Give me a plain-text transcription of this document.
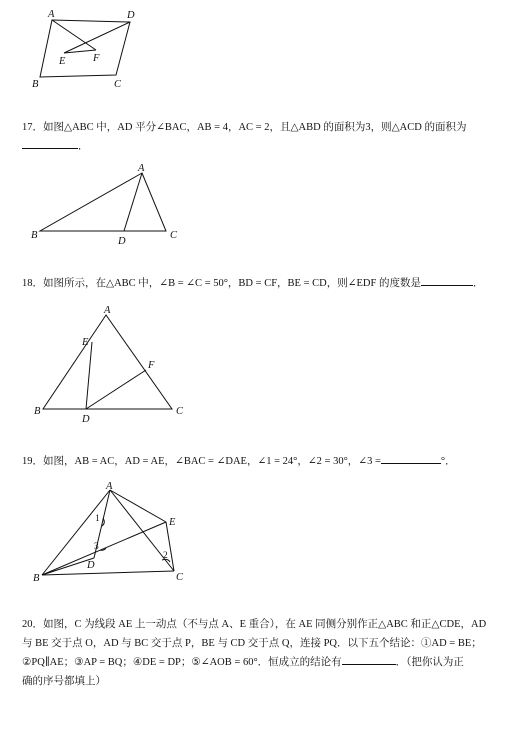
A	D
E	F
B	C

17．如图△ABC 中，AD 平分∠BAC，AB = 4，AC = 2，且△ABD 的面积为3，则△ACD 的面积为
．

A
B
D
C

18．如图所示，在△ABC 中，∠B = ∠C = 50°，BD = CF，BE = CD，则∠EDF 的度数是	．

A
E
F
B
D
C

19．如图，AB = AC，AD = AE，∠BAC = ∠DAE，∠1 = 24°，∠2 = 30°，∠3 =	°．

A
E
B	C
D
1
3
2

20．如图，C 为线段 AE 上一动点（不与点 A、E 重合），在 AE 同侧分别作正△ABC 和正△CDE，AD
与 BE 交于点 O，AD 与 BC 交于点 P，BE 与 CD 交于点 Q，连接 PQ．以下五个结论：①AD = BE；
②PQ∥AE；③AP = BQ；④DE = DP；⑤∠AOB = 60°．恒成立的结论有	．（把你认为正
确的序号都填上）
